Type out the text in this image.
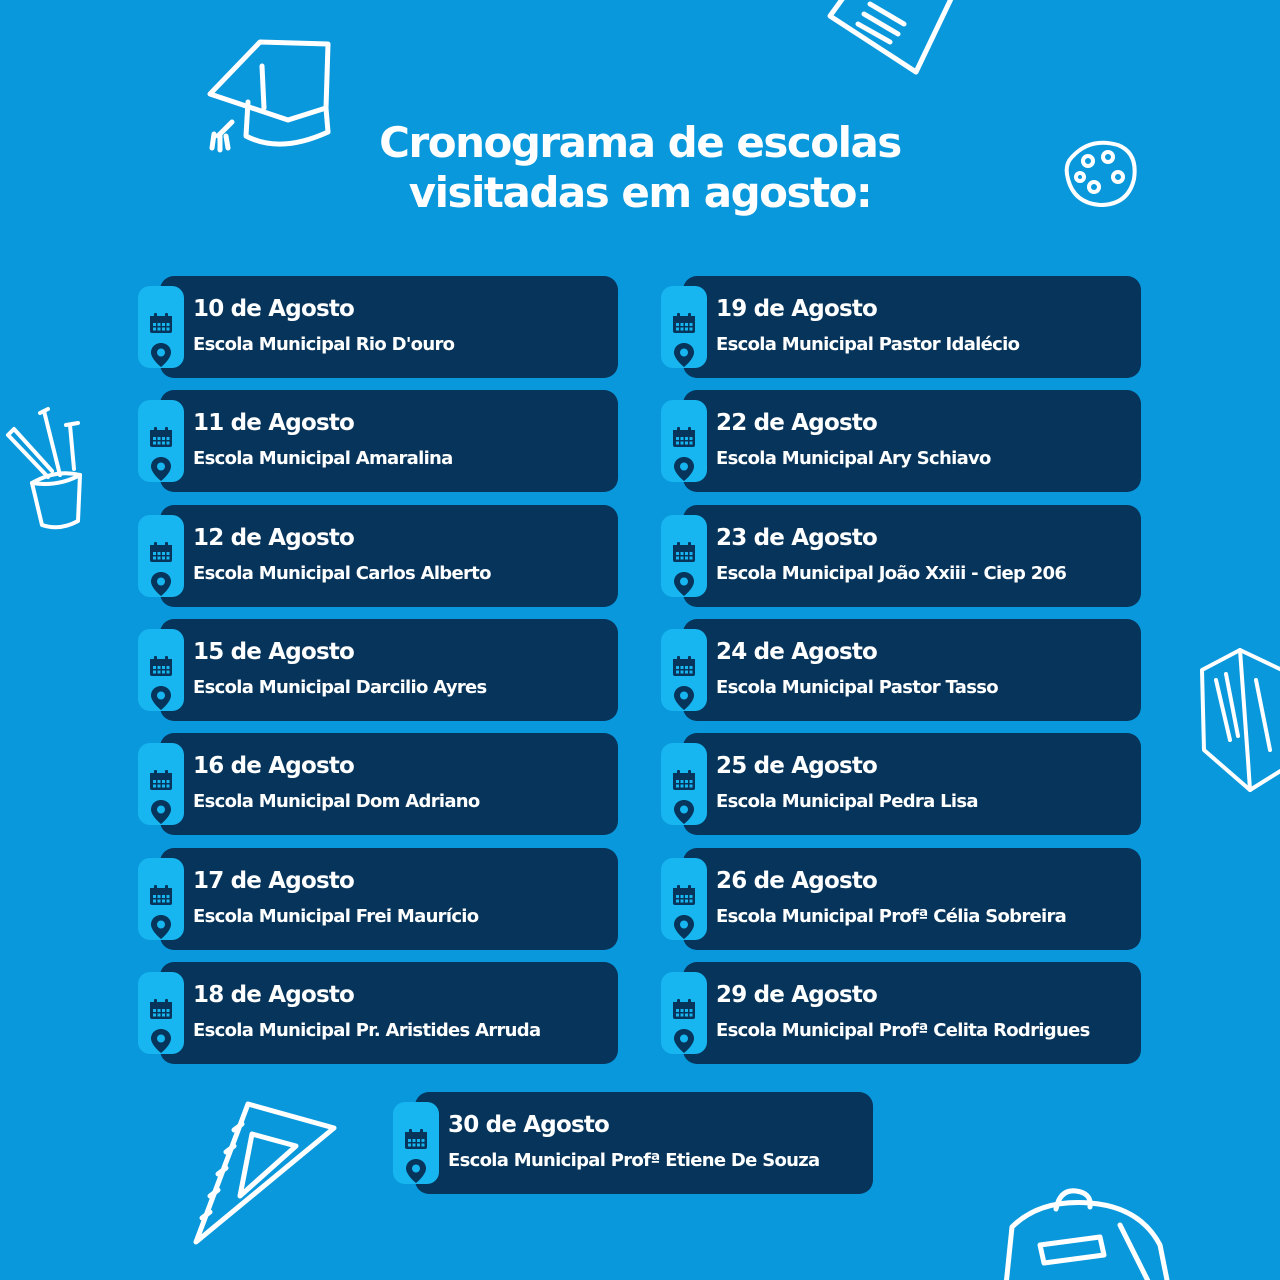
Cronograma de escolas
visitadas em agosto:
10 de Agosto
Escola Municipal Rio D'ouro
11 de Agosto
Escola Municipal Amaralina
12 de Agosto
Escola Municipal Carlos Alberto
15 de Agosto
Escola Municipal Darcilio Ayres
16 de Agosto
Escola Municipal Dom Adriano
17 de Agosto
Escola Municipal Frei Maurício
18 de Agosto
Escola Municipal Pr. Aristides Arruda
19 de Agosto
Escola Municipal Pastor Idalécio
22 de Agosto
Escola Municipal Ary Schiavo
23 de Agosto
Escola Municipal João Xxiii - Ciep 206
24 de Agosto
Escola Municipal Pastor Tasso
25 de Agosto
Escola Municipal Pedra Lisa
26 de Agosto
Escola Municipal Profª Célia Sobreira
29 de Agosto
Escola Municipal Profª Celita Rodrigues
30 de Agosto
Escola Municipal Profª Etiene De Souza
